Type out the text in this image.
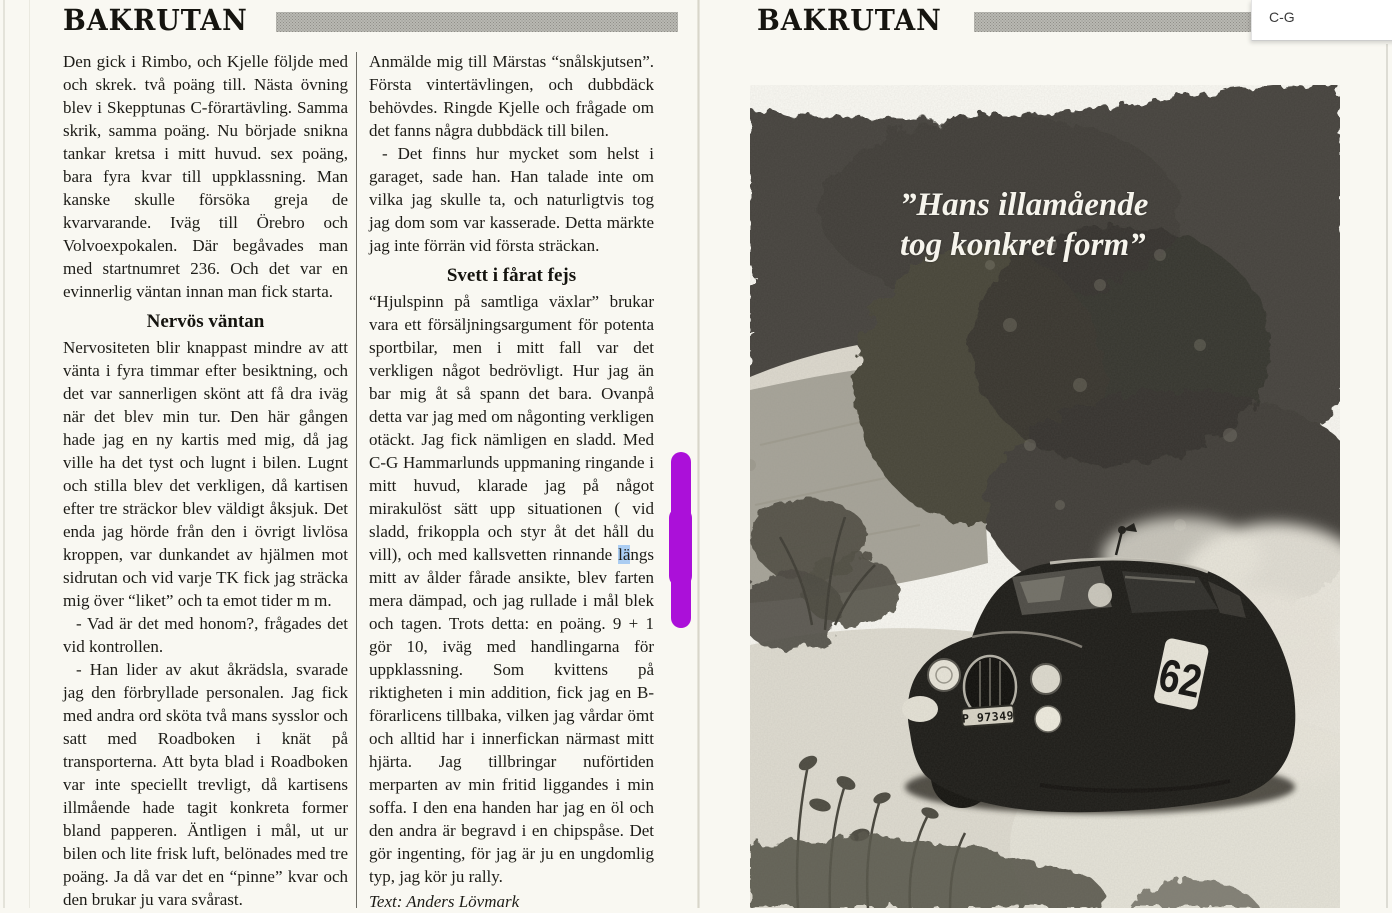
BAKRUTAN

Den gick i Rimbo, och Kjelle följde med och skrek. två poäng till. Nästa övning blev i Skepptunas C-förartävling. Samma skrik, samma poäng. Nu började snikna tankar kretsa i mitt huvud. sex poäng, bara fyra kvar till uppklassning. Man kanske skulle försöka greja de kvarvarande. Iväg till Örebro och Volvoexpokalen. Där begåvades man med startnumret 236. Och det var en evinnerlig väntan innan man fick starta.

Nervös väntan

Nervositeten blir knappast mindre av att vänta i fyra timmar efter besiktning, och det var sannerligen skönt att få dra iväg när det blev min tur. Den här gången hade jag en ny kartis med mig, då jag ville ha det tyst och lugnt i bilen. Lugnt och stilla blev det verkligen, då kartisen efter tre sträckor blev väldigt åksjuk. Det enda jag hörde från den i övrigt livlösa kroppen, var dunkandet av hjälmen mot sidrutan och vid varje TK fick jag sträcka mig över “liket” och ta emot tider m m.

- Vad är det med honom?, frågades det vid kontrollen.

- Han lider av akut åkrädsla, svarade jag den förbryllade personalen. Jag fick med andra ord sköta två mans sysslor och satt med Roadboken i knät på transporterna. Att byta blad i Roadboken var inte speciellt trevligt, då kartisens illmående hade tagit konkreta former bland papperen. Äntligen i mål, ut ur bilen och lite frisk luft, belönades med tre poäng. Ja då var det en “pinne” kvar och den brukar ju vara svårast.

Anmälde mig till Märstas “snålskjutsen”. Första vintertävlingen, och dubbdäck behövdes. Ringde Kjelle och frågade om det fanns några dubbdäck till bilen.

- Det finns hur mycket som helst i garaget, sade han. Han talade inte om vilka jag skulle ta, och naturligtvis tog jag dom som var kasserade. Detta märkte jag inte förrän vid första sträckan.

Svett i fårat fejs

“Hjulspinn på samtliga växlar” brukar vara ett försäljningsargument för potenta sportbilar, men i mitt fall var det verkligen något bedrövligt. Hur jag än bar mig åt så spann det bara. Ovanpå detta var jag med om någonting verkligen otäckt. Jag fick nämligen en sladd. Med C-G Hammarlunds uppmaning ringande i mitt huvud, klarade jag på något mirakulöst sätt upp situationen ( vid sladd, frikoppla och styr åt det håll du vill), och med kallsvetten rinnande längs mitt av ålder fårade ansikte, blev farten mera dämpad, och jag rullade i mål blek och tagen. Trots detta: en poäng. 9 + 1 gör 10, iväg med handlingarna för uppklassning. Som kvittens på riktigheten i min addition, fick jag en B-förarlicens tillbaka, vilken jag vårdar ömt och alltid har i innerfickan närmast mitt hjärta. Jag tillbringar nuförtiden merparten av min fritid liggandes i min soffa. I den ena handen har jag en öl och den andra är begravd i en chipspåse. Det gör ingenting, för jag är ju en ungdomlig typ, jag kör ju rally.

Text: Anders Lövmark

BAKRUTAN
”Hans illamående
tog konkret form”
C-G
